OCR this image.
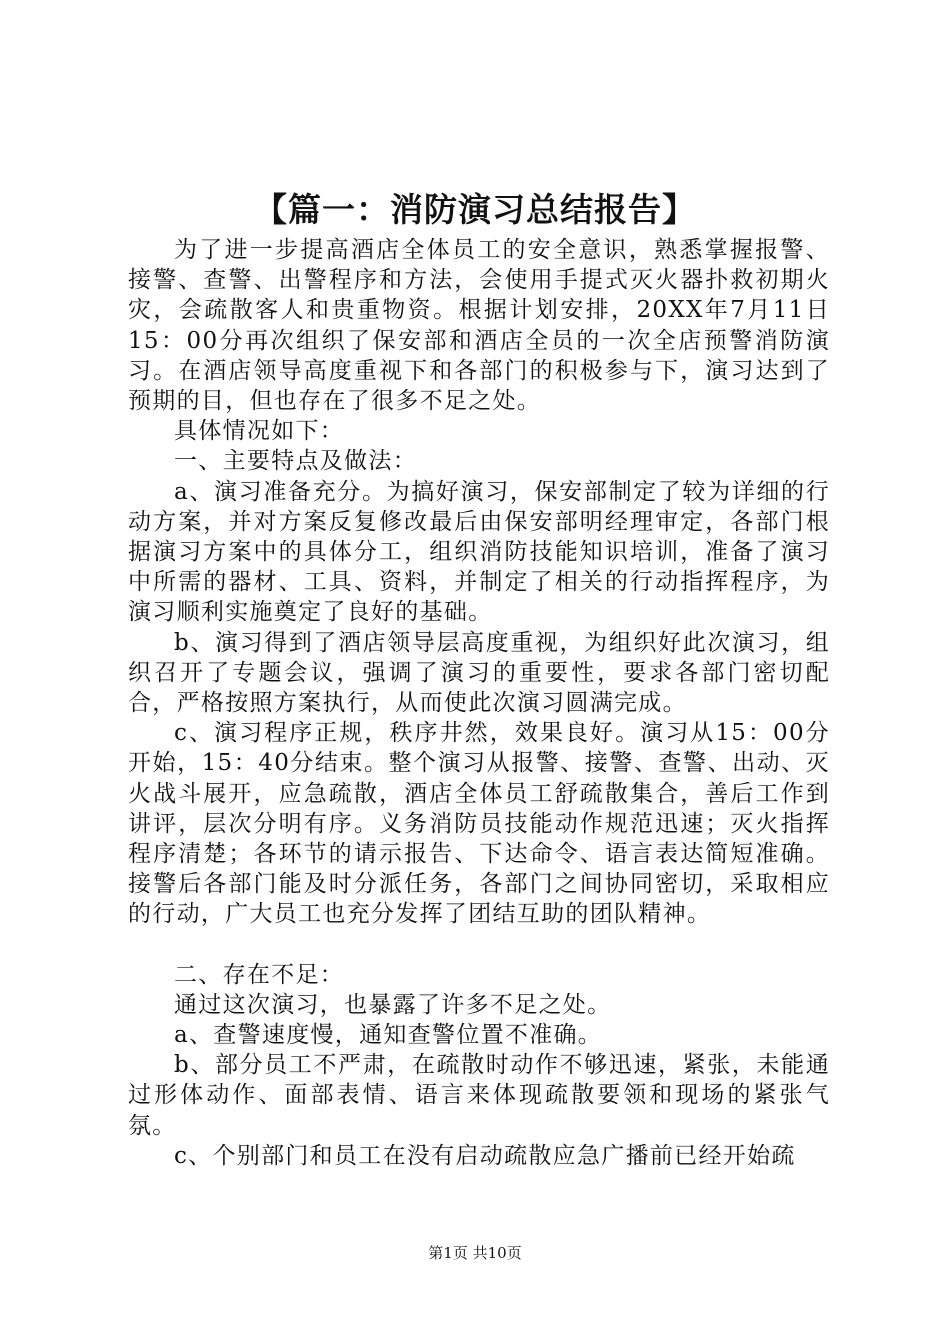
【篇一：消防演习总结报告】

为了进一步提高酒店全体员工的安全意识，熟悉掌握报警、接警、查警、出警程序和方法，会使用手提式灭火器扑救初期火灾，会疏散客人和贵重物资。根据计划安排，20XX年7月11日15：00分再次组织了保安部和酒店全员的一次全店预警消防演习。在酒店领导高度重视下和各部门的积极参与下，演习达到了预期的目，但也存在了很多不足之处。

具体情况如下：

一、主要特点及做法：

a、演习准备充分。为搞好演习，保安部制定了较为详细的行动方案，并对方案反复修改最后由保安部明经理审定，各部门根据演习方案中的具体分工，组织消防技能知识培训，准备了演习中所需的器材、工具、资料，并制定了相关的行动指挥程序，为演习顺利实施奠定了良好的基础。

b、演习得到了酒店领导层高度重视，为组织好此次演习，组织召开了专题会议，强调了演习的重要性，要求各部门密切配合，严格按照方案执行，从而使此次演习圆满完成。

c、演习程序正规，秩序井然，效果良好。演习从15：00分开始，15：40分结束。整个演习从报警、接警、查警、出动、灭火战斗展开，应急疏散，酒店全体员工舒疏散集合，善后工作到讲评，层次分明有序。义务消防员技能动作规范迅速；灭火指挥程序清楚；各环节的请示报告、下达命令、语言表达简短准确。接警后各部门能及时分派任务，各部门之间协同密切，采取相应的行动，广大员工也充分发挥了团结互助的团队精神。

二、存在不足：

通过这次演习，也暴露了许多不足之处。

a、查警速度慢，通知查警位置不准确。

b、部分员工不严肃，在疏散时动作不够迅速，紧张，未能通过形体动作、面部表情、语言来体现疏散要领和现场的紧张气氛。

c、个别部门和员工在没有启动疏散应急广播前已经开始疏

第1页 共10页
